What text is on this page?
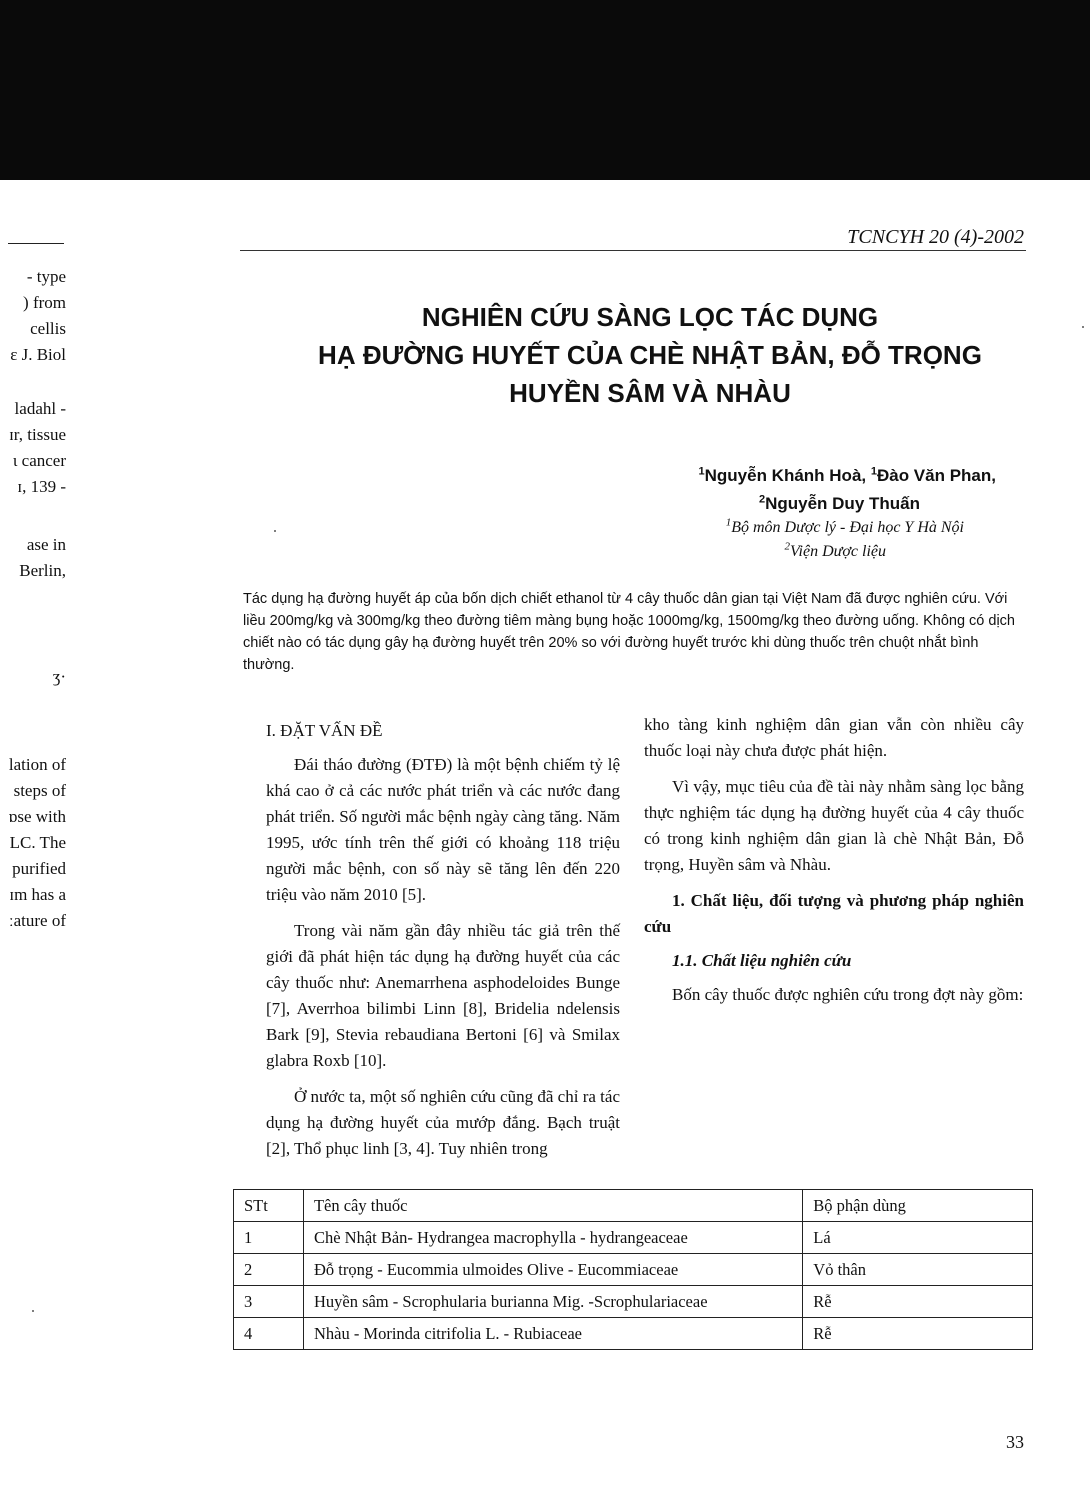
- type
) from
cellis
ɛ J. Biol
ladahl -
ɪr, tissue
ι cancer
ɪ, 139 -
ase in
Berlin,
ʒ·
lation of
steps of
ɒse with
LC. The
purified
ɪm has a
ːature of
TCNCYH 20 (4)-2002
NGHIÊN CỨU SÀNG LỌC TÁC DỤNG
HẠ ĐƯỜNG HUYẾT CỦA CHÈ NHẬT BẢN, ĐỖ TRỌNG
HUYỀN SÂM VÀ NHÀU
$^1$Nguyễn Khánh Hoà, $^1$Đào Văn Phan,
$^2$Nguyễn Duy Thuấn
$^1$Bộ môn Dược lý - Đại học Y Hà Nội
$^2$Viện Dược liệu
Tác dụng hạ đường huyết áp của bốn dịch chiết ethanol từ 4 cây thuốc dân gian tại Việt Nam đã được nghiên cứu. Với liều 200mg/kg và 300mg/kg theo đường tiêm màng bụng hoặc 1000mg/kg, 1500mg/kg theo đường uống. Không có dịch chiết nào có tác dụng gây hạ đường huyết trên 20% so với đường huyết trước khi dùng thuốc trên chuột nhắt bình thường.
I. ĐẶT VẤN ĐỀ

Đái tháo đường (ĐTĐ) là một bệnh chiếm tỷ lệ khá cao ở cả các nước phát triển và các nước đang phát triển. Số người mắc bệnh ngày càng tăng. Năm 1995, ước tính trên thế giới có khoảng 118 triệu người mắc bệnh, con số này sẽ tăng lên đến 220 triệu vào năm 2010 [5].

Trong vài năm gần đây nhiều tác giả trên thế giới đã phát hiện tác dụng hạ đường huyết của các cây thuốc như: Anemarrhena asphodeloides Bunge [7], Averrhoa bilimbi Linn [8], Bridelia ndelensis Bark [9], Stevia rebaudiana Bertoni [6] và Smilax glabra Roxb [10].

Ở nước ta, một số nghiên cứu cũng đã chỉ ra tác dụng hạ đường huyết của mướp đắng. Bạch truật [2], Thổ phục linh [3, 4]. Tuy nhiên trong

kho tàng kinh nghiệm dân gian vẫn còn nhiều cây thuốc loại này chưa được phát hiện.

Vì vậy, mục tiêu của đề tài này nhằm sàng lọc bằng thực nghiệm tác dụng hạ đường huyết của 4 cây thuốc có trong kinh nghiệm dân gian là chè Nhật Bản, Đỗ trọng, Huyền sâm và Nhàu.

1. Chất liệu, đối tượng và phương pháp nghiên cứu
1.1. Chất liệu nghiên cứu

Bốn cây thuốc được nghiên cứu trong đợt này gồm:

STt	Tên cây thuốc	Bộ phận dùng
1	Chè Nhật Bản- Hydrangea macrophylla - hydrangeaceae	Lá
2	Đỗ trọng - Eucommia ulmoides Olive - Eucommiaceae	Vỏ thân
3	Huyền sâm - Scrophularia burianna Mig. -Scrophulariaceae	Rễ
4	Nhàu - Morinda citrifolia L. - Rubiaceae	Rễ
33
